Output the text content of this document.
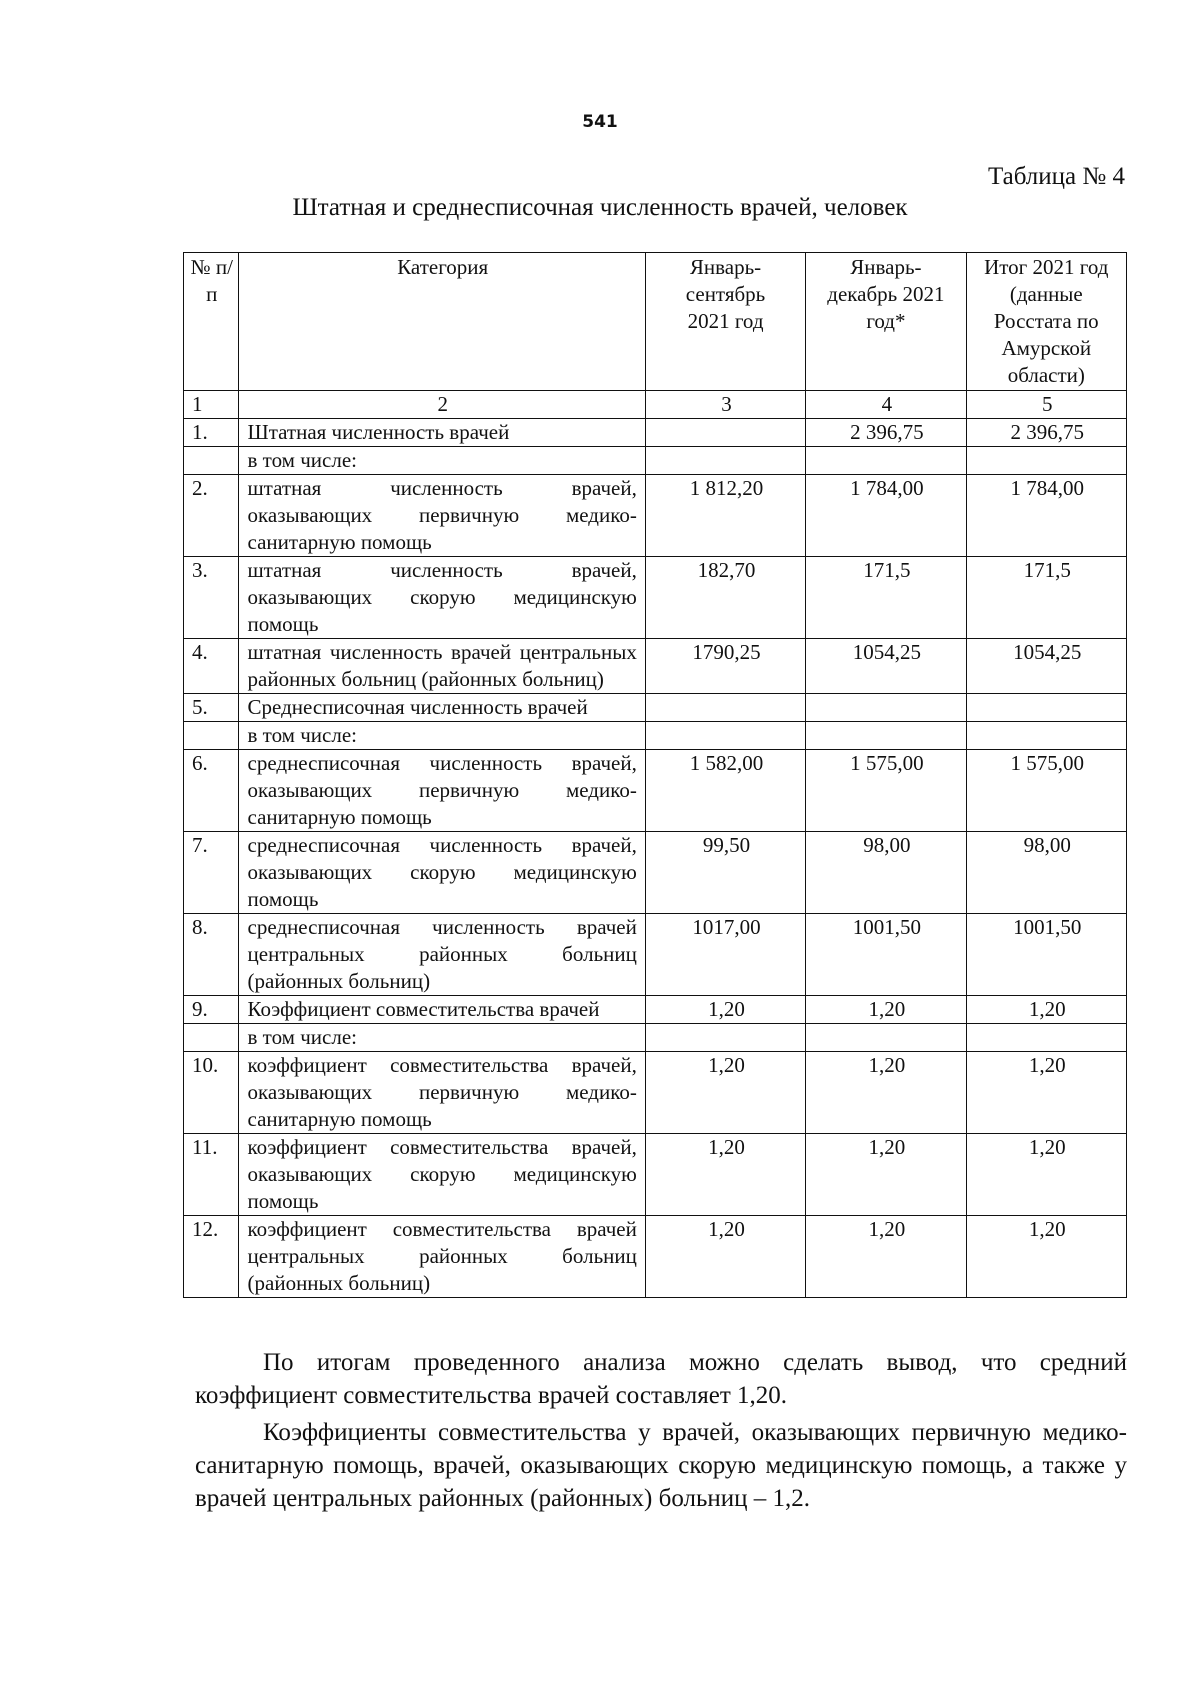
541
Таблица № 4
Штатная и среднесписочная численность врачей, человек
№ п/п	Категория	Январь-сентябрь 2021 год	Январь-декабрь 2021 год*	Итог 2021 год (данные Росстата по Амурской области)
1	2	3	4	5
1.	Штатная численность врачей		2 396,75	2 396,75
	в том числе:			
2.	штатная численность врачей, оказывающих первичную медико-санитарную помощь	1 812,20	1 784,00	1 784,00
3.	штатная численность врачей, оказывающих скорую медицинскую помощь	182,70	171,5	171,5
4.	штатная численность врачей центральных районных больниц (районных больниц)	1790,25	1054,25	1054,25
5.	Среднесписочная численность врачей			
	в том числе:			
6.	среднесписочная численность врачей, оказывающих первичную медико-санитарную помощь	1 582,00	1 575,00	1 575,00
7.	среднесписочная численность врачей, оказывающих скорую медицинскую помощь	99,50	98,00	98,00
8.	среднесписочная численность врачей центральных районных больниц (районных больниц)	1017,00	1001,50	1001,50
9.	Коэффициент совместительства врачей	1,20	1,20	1,20
	в том числе:			
10.	коэффициент совместительства врачей, оказывающих первичную медико-санитарную помощь	1,20	1,20	1,20
11.	коэффициент совместительства врачей, оказывающих скорую медицинскую помощь	1,20	1,20	1,20
12.	коэффициент совместительства врачей центральных районных больниц (районных больниц)	1,20	1,20	1,20

По итогам проведенного анализа можно сделать вывод, что средний коэффициент совместительства врачей составляет 1,20.

Коэффициенты совместительства у врачей, оказывающих первичную медико-санитарную помощь, врачей, оказывающих скорую медицинскую помощь, а также у врачей центральных районных (районных) больниц – 1,2.
